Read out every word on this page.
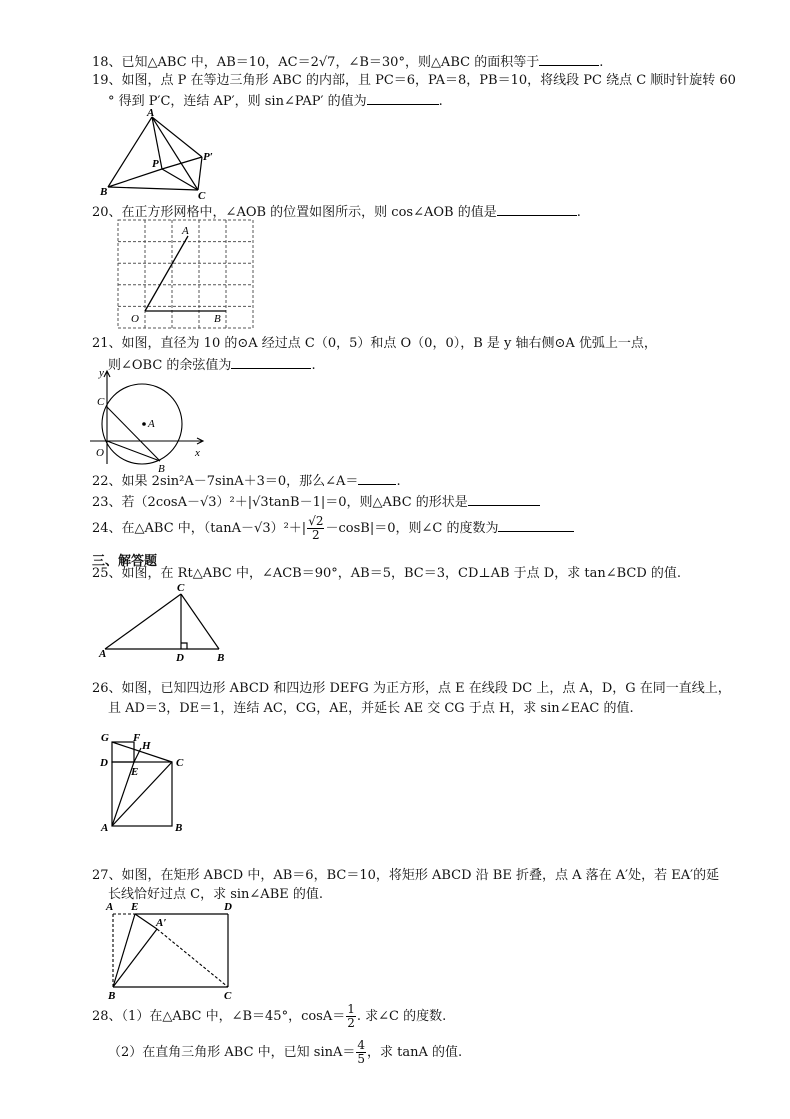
18、已知△ABC 中，AB＝10，AC＝2√7，∠B＝30°，则△ABC 的面积等于	.
19、如图，点 P 在等边三角形 ABC 的内部，且 PC＝6，PA＝8，PB＝10，将线段 PC 绕点 C 顺时针旋转 60
° 得到 P′C，连结 AP′，则 sin∠PAP′ 的值为	.
A
B	C
P
P′
20、在正方形网格中，∠AOB 的位置如图所示，则 cos∠AOB 的值是	.
A
O	B
21、如图，直径为 10 的⊙A 经过点 C（0，5）和点 O（0，0），B 是 y 轴右侧⊙A 优弧上一点，
则∠OBC 的余弦值为	.
y
x
C
A
O
B
22、如果 2sin²A－7sinA＋3＝0，那么∠A＝	.
23、若（2cosA－√3）²＋|√3tanB－1|＝0，则△ABC 的形状是
24、在△ABC 中，$(\tan A-√3)^2+| \frac{√2}{2} -\cos B|=0$，则∠C 的度数为
三、解答题
25、如图，在 Rt△ABC 中，∠ACB＝90°，AB＝5，BC＝3，CD⊥AB 于点 D，求 tan∠BCD 的值.
C
A	D	B
26、如图，已知四边形 ABCD 和四边形 DEFG 为正方形，点 E 在线段 DC 上，点 A，D，G 在同一直线上，
且 AD＝3，DE＝1，连结 AC，CG，AE，并延长 AE 交 CG 于点 H，求 sin∠EAC 的值.
G F
H
D
E
C
A	B
27、如图，在矩形 ABCD 中，AB＝6，BC＝10，将矩形 ABCD 沿 BE 折叠，点 A 落在 A′处，若 EA′的延
长线恰好过点 C，求 sin∠ABE 的值.
A E	D
A′
B	C
28、（1）在△ABC 中，∠B＝45°，$\cos A= \frac{1}{2}$ . 求∠C 的度数.
（2）在直角三角形 ABC 中，已知 $\sin A= \frac{4}{5}$ ，求 tanA 的值.
